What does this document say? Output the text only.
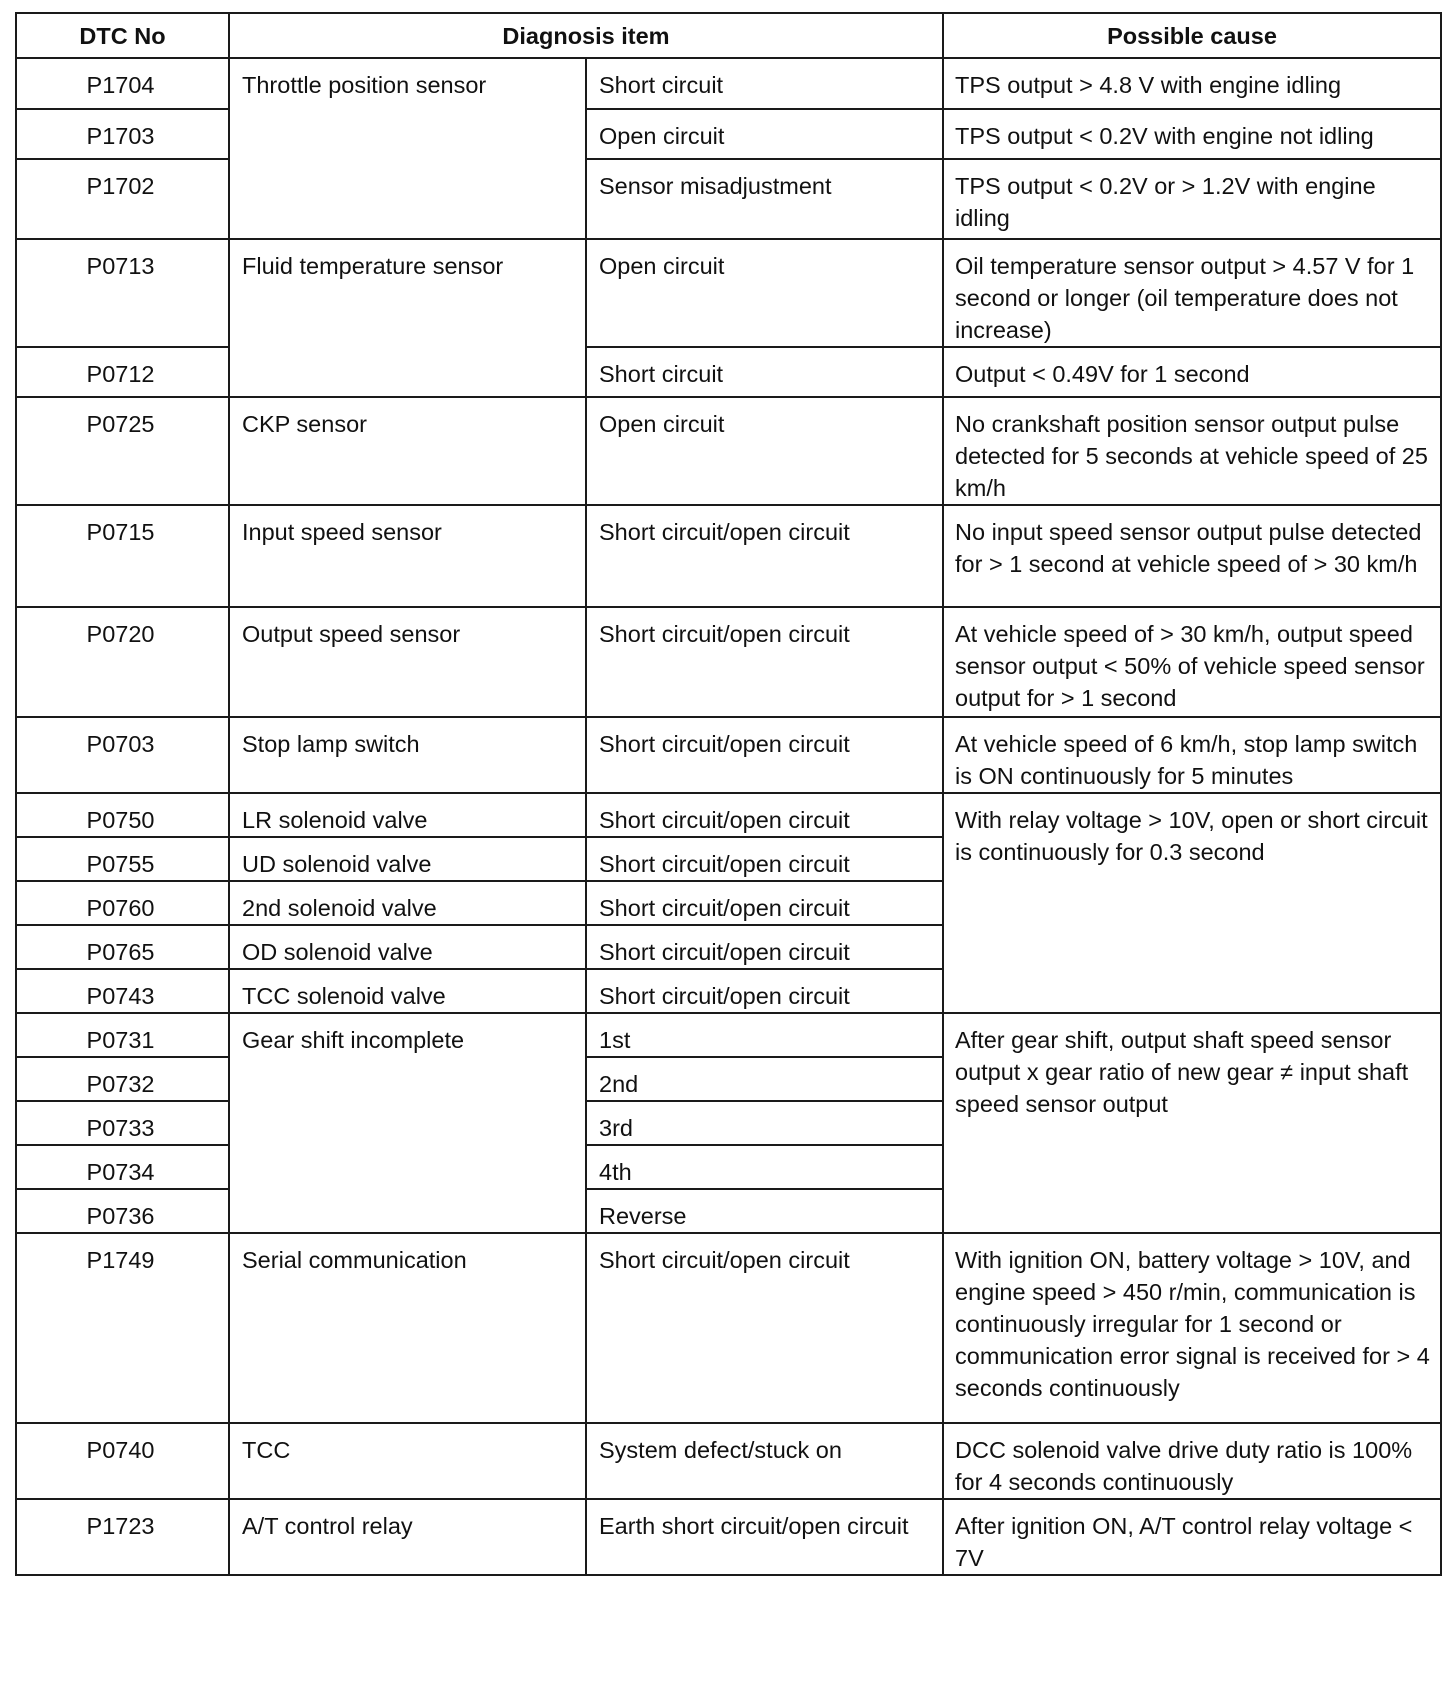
DTC No	Diagnosis item		Possible cause
P1704	Throttle position sensor	Short circuit	TPS output > 4.8 V with engine idling
P1703		Open circuit	TPS output < 0.2V with engine not idling
P1702		Sensor misadjustment	TPS output < 0.2V or > 1.2V with engine idling
P0713	Fluid temperature sensor	Open circuit	Oil temperature sensor output > 4.57 V for 1 second or longer (oil temperature does not increase)
P0712		Short circuit	Output < 0.49V for 1 second
P0725	CKP sensor	Open circuit	No crankshaft position sensor output pulse detected for 5 seconds at vehicle speed of 25 km/h
P0715	Input speed sensor	Short circuit/open circuit	No input speed sensor output pulse detected for > 1 second at vehicle speed of > 30 km/h
P0720	Output speed sensor	Short circuit/open circuit	At vehicle speed of > 30 km/h, output speed sensor output < 50% of vehicle speed sensor output for > 1 second
P0703	Stop lamp switch	Short circuit/open circuit	At vehicle speed of 6 km/h, stop lamp switch is ON continuously for 5 minutes
P0750	LR solenoid valve	Short circuit/open circuit	With relay voltage > 10V, open or short circuit is continuously for 0.3 second
P0755	UD solenoid valve	Short circuit/open circuit	
P0760	2nd solenoid valve	Short circuit/open circuit	
P0765	OD solenoid valve	Short circuit/open circuit	
P0743	TCC solenoid valve	Short circuit/open circuit	
P0731	Gear shift incomplete	1st	After gear shift, output shaft speed sensor output x gear ratio of new gear ≠ input shaft speed sensor output
P0732		2nd	
P0733		3rd	
P0734		4th	
P0736		Reverse	
P1749	Serial communication	Short circuit/open circuit	With ignition ON, battery voltage > 10V, and engine speed > 450 r/min, communication is continuously irregular for 1 second or communication error signal is received for > 4 seconds continuously
P0740	TCC	System defect/stuck on	DCC solenoid valve drive duty ratio is 100% for 4 seconds continuously
P1723	A/T control relay	Earth short circuit/open circuit	After ignition ON, A/T control relay voltage < 7V
